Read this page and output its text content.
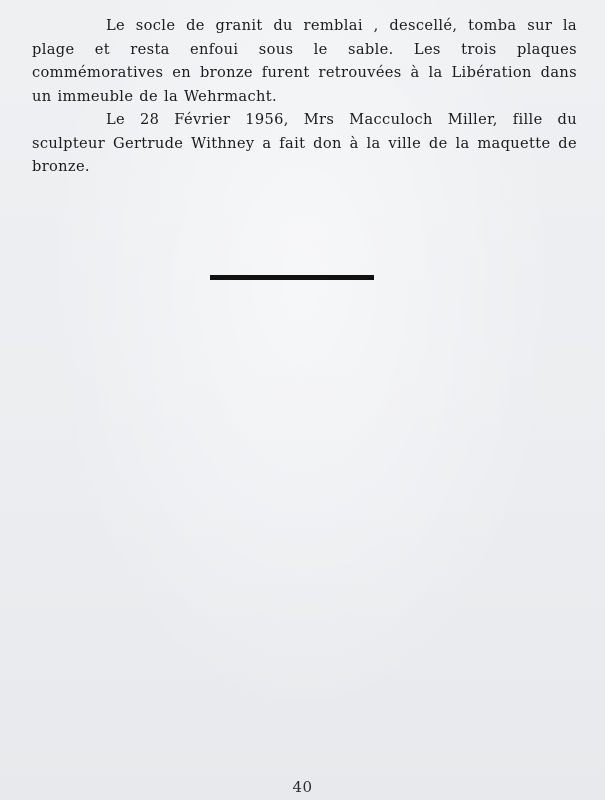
Le socle de granit du remblai , descellé, tomba sur la plage et resta enfoui sous le sable. Les trois plaques commémoratives en bronze furent retrouvées à la Libération dans un immeuble de la Wehrmacht.

Le 28 Février 1956, Mrs Macculoch Miller, fille du sculpteur Gertrude Withney a fait don à la ville de la maquette de bronze.

40
